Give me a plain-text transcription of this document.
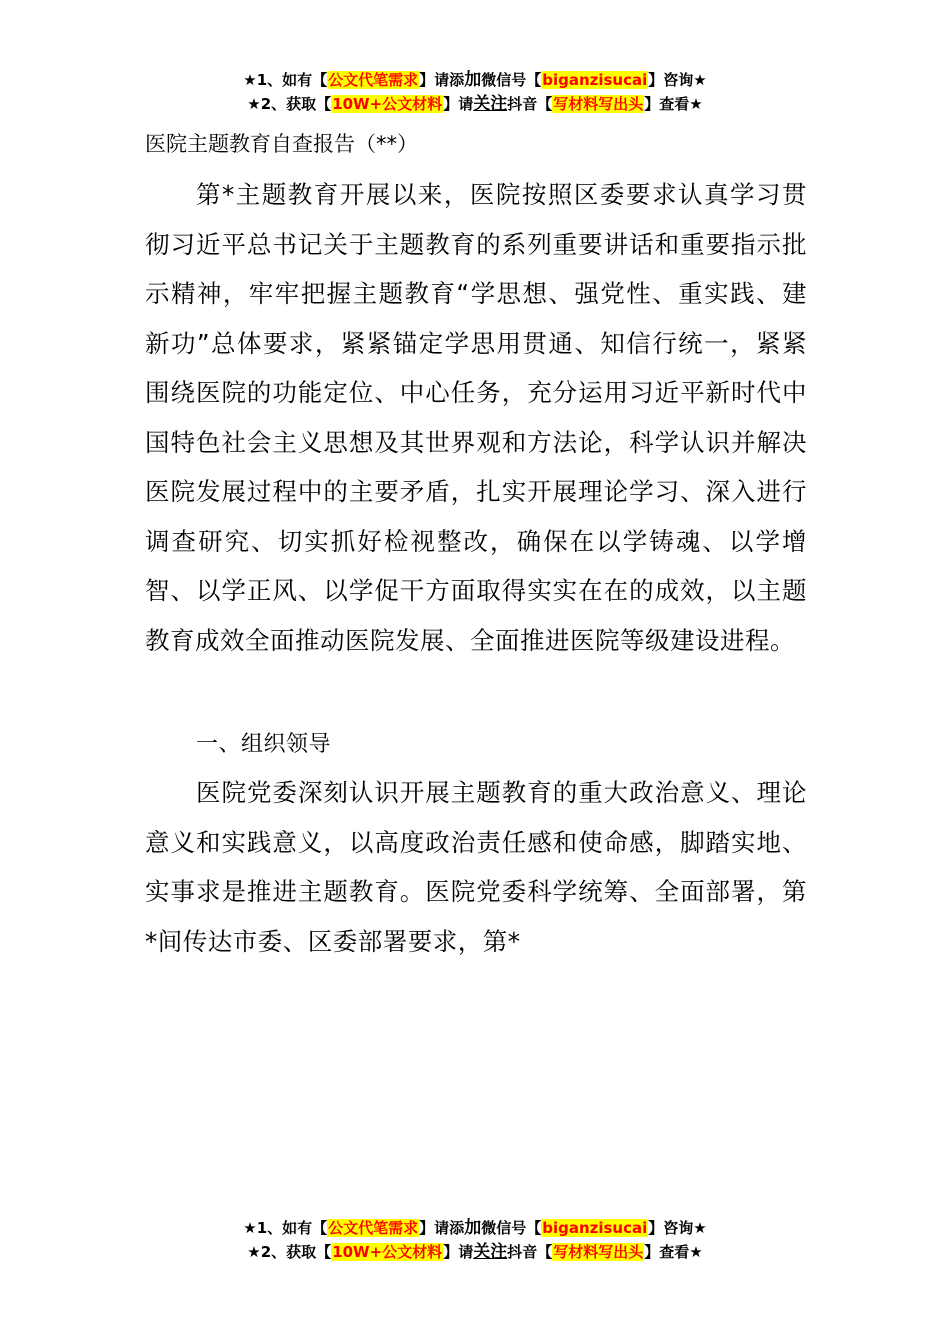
★1、如有【公文代笔需求】请添加微信号【biganzisucai】咨询★
★2、获取【10W+公文材料】请关注抖音【写材料写出头】查看★
医院主题教育自查报告（**）
第*主题教育开展以来，医院按照区委要求认真学习贯彻习近平总书记关于主题教育的系列重要讲话和重要指示批示精神，牢牢把握主题教育“学思想、强党性、重实践、建新功”总体要求，紧紧锚定学思用贯通、知信行统一，紧紧围绕医院的功能定位、中心任务，充分运用习近平新时代中国特色社会主义思想及其世界观和方法论，科学认识并解决医院发展过程中的主要矛盾，扎实开展理论学习、深入进行调查研究、切实抓好检视整改，确保在以学铸魂、以学增智、以学正风、以学促干方面取得实实在在的成效，以主题教育成效全面推动医院发展、全面推进医院等级建设进程。
一、组织领导
医院党委深刻认识开展主题教育的重大政治意义、理论意义和实践意义，以高度政治责任感和使命感，脚踏实地、实事求是推进主题教育。医院党委科学统筹、全面部署，第*间传达市委、区委部署要求，第*
★1、如有【公文代笔需求】请添加微信号【biganzisucai】咨询★
★2、获取【10W+公文材料】请关注抖音【写材料写出头】查看★
